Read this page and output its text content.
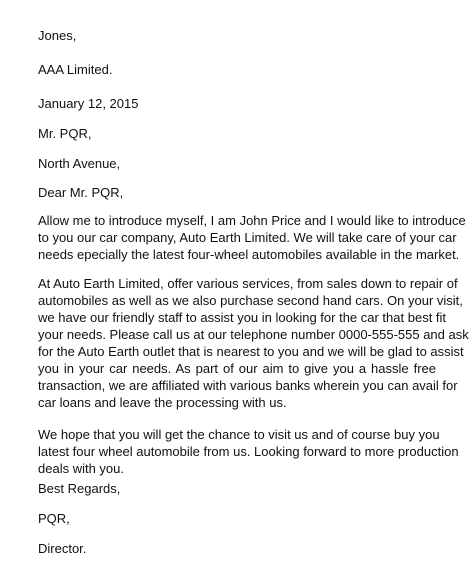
Jones,

AAA Limited.

January 12, 2015

Mr. PQR,

North Avenue,

Dear Mr. PQR,

Allow me to introduce myself, I am John Price and I would like to introduce
to you our car company, Auto Earth Limited. We will take care of your car
needs epecially the latest four-wheel automobiles available in the market.
At Auto Earth Limited, offer various services, from sales down to repair of
automobiles as well as we also purchase second hand cars. On your visit,
we have our friendly staff to assist you in looking for the car that best fit
your needs. Please call us at our telephone number 0000-555-555 and ask
for the Auto Earth outlet that is nearest to you and we will be glad to assist
you in your car needs. As part of our aim to give you a hassle free
transaction, we are affiliated with various banks wherein you can avail for
car loans and leave the processing with us.
We hope that you will get the chance to visit us and of course buy you
latest four wheel automobile from us. Looking forward to more production
deals with you.

Best Regards,

PQR,

Director.
